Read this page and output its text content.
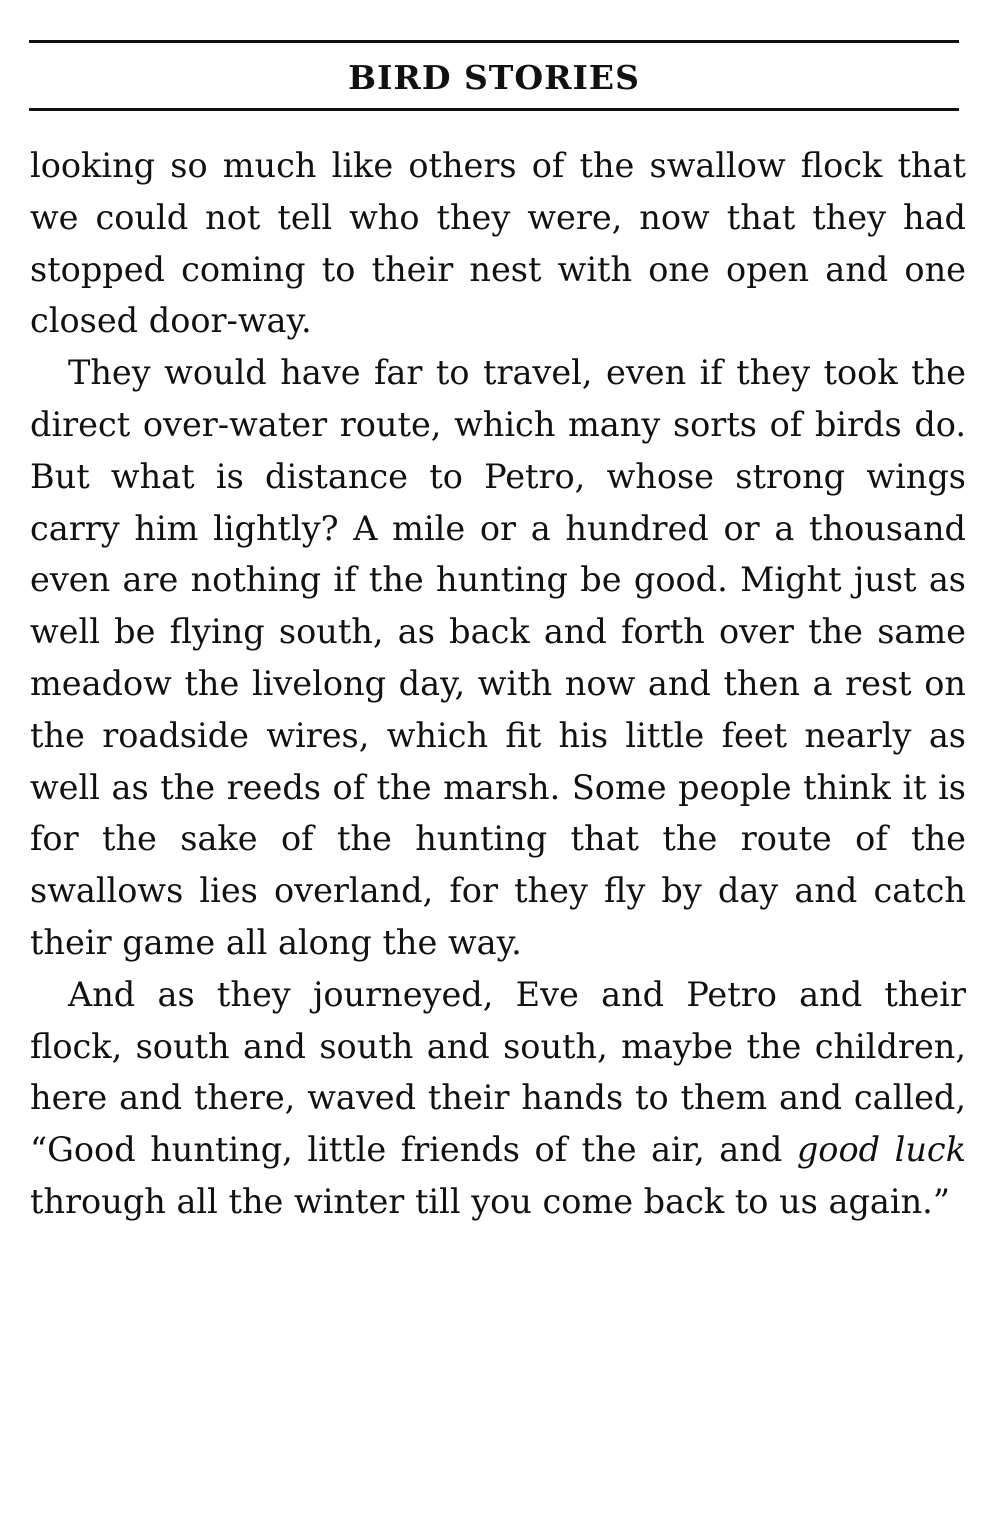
BIRD STORIES

looking so much like others of the swallow flock that we could not tell who they were, now that they had stopped coming to their nest with one open and one closed door-way.

They would have far to travel, even if they took the direct over-water route, which many sorts of birds do. But what is distance to Petro, whose strong wings carry him lightly? A mile or a hundred or a thousand even are nothing if the hunting be good. Might just as well be flying south, as back and forth over the same meadow the livelong day, with now and then a rest on the roadside wires, which fit his little feet nearly as well as the reeds of the marsh. Some people think it is for the sake of the hunting that the route of the swallows lies overland, for they fly by day and catch their game all along the way.

And as they journeyed, Eve and Petro and their flock, south and south and south, maybe the children, here and there, waved their hands to them and called, “Good hunting, little friends of the air, and good luck through all the winter till you come back to us again.”
